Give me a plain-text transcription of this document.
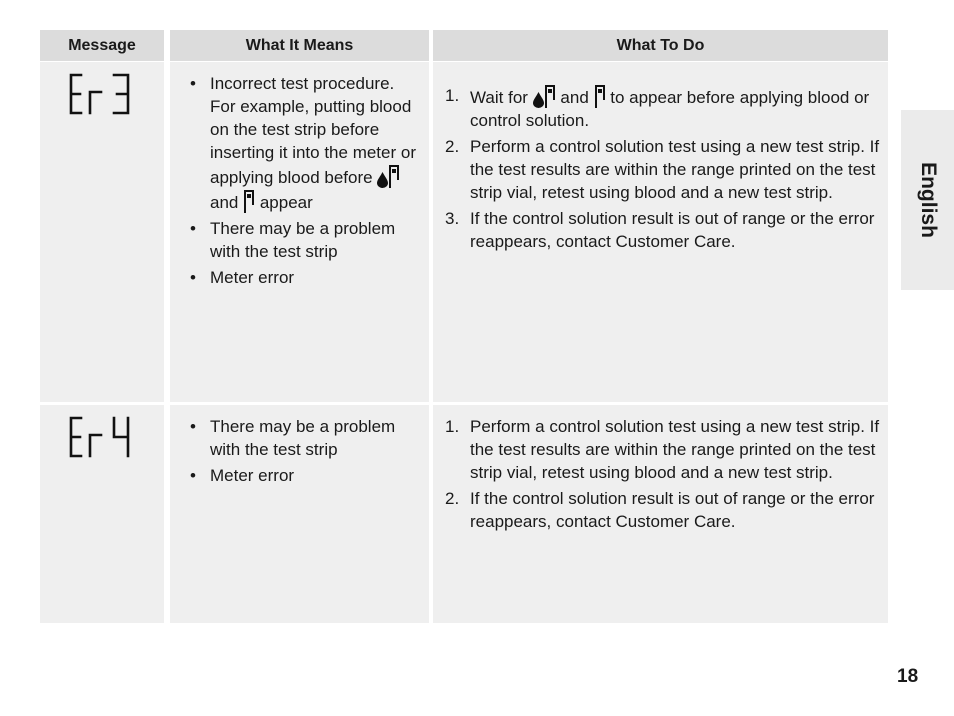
Message	What It Means	What To Do
• Incorrect test procedure. For example, putting blood on the test strip before inserting it into the meter or applying blood before  and appear
• There may be a problem with the test strip
• Meter error
1. Wait for and to appear before applying blood or control solution.
2. Perform a control solution test using a new test strip. If the test results are within the range printed on the test strip vial, retest using blood and a new test strip.
3. If the control solution result is out of range or the error reappears, contact Customer Care.
• There may be a problem with the test strip
• Meter error
1. Perform a control solution test using a new test strip. If the test results are within the range printed on the test strip vial, retest using blood and a new test strip.
2. If the control solution result is out of range or the error reappears, contact Customer Care.
English
18
